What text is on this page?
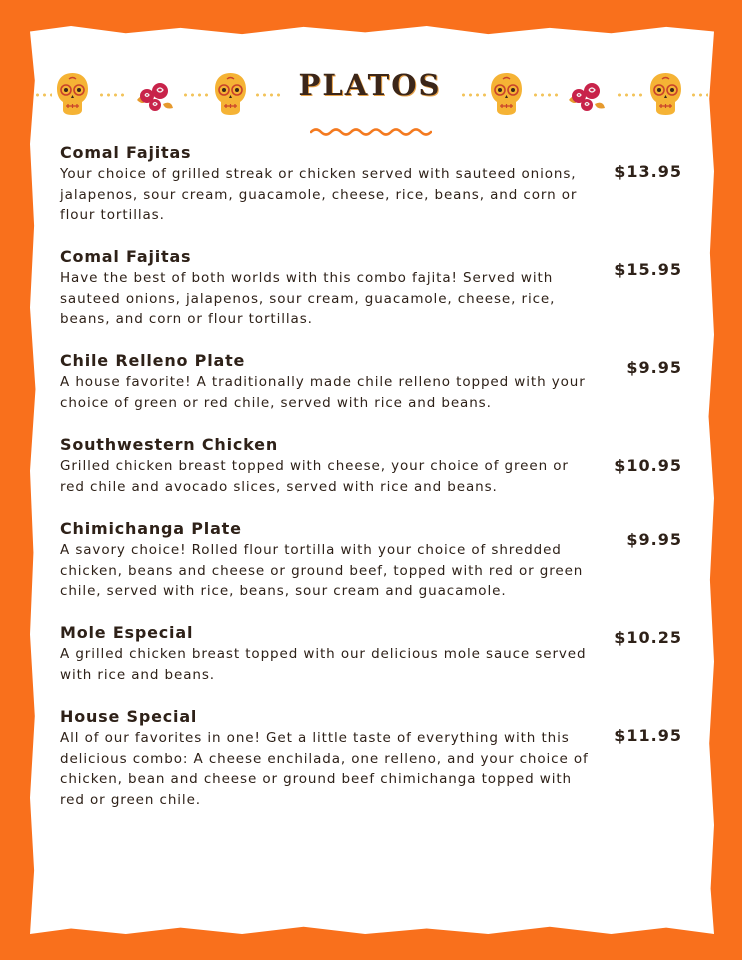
PLATOS

Comal Fajitas

Your choice of grilled streak or chicken served with sauteed onions, jalapenos, sour cream, guacamole, cheese, rice, beans, and corn or flour tortillas.

$13.95

Comal Fajitas

Have the best of both worlds with this combo fajita! Served with sauteed onions, jalapenos, sour cream, guacamole, cheese, rice, beans, and corn or flour tortillas.

$15.95

Chile Relleno Plate

A house favorite! A traditionally made chile relleno topped with your choice of green or red chile, served with rice and beans.

$9.95

Southwestern Chicken

Grilled chicken breast topped with cheese, your choice of green or red chile and avocado slices, served with rice and beans.

$10.95

Chimichanga Plate

A savory choice! Rolled flour tortilla with your choice of shredded chicken, beans and cheese or ground beef, topped with red or green chile, served with rice, beans, sour cream and guacamole.

$9.95

Mole Especial

A grilled chicken breast topped with our delicious mole sauce served with rice and beans.

$10.25

House Special

All of our favorites in one! Get a little taste of everything with this delicious combo: A cheese enchilada, one relleno, and your choice of chicken, bean and cheese or ground beef chimichanga topped with red or green chile.

$11.95
